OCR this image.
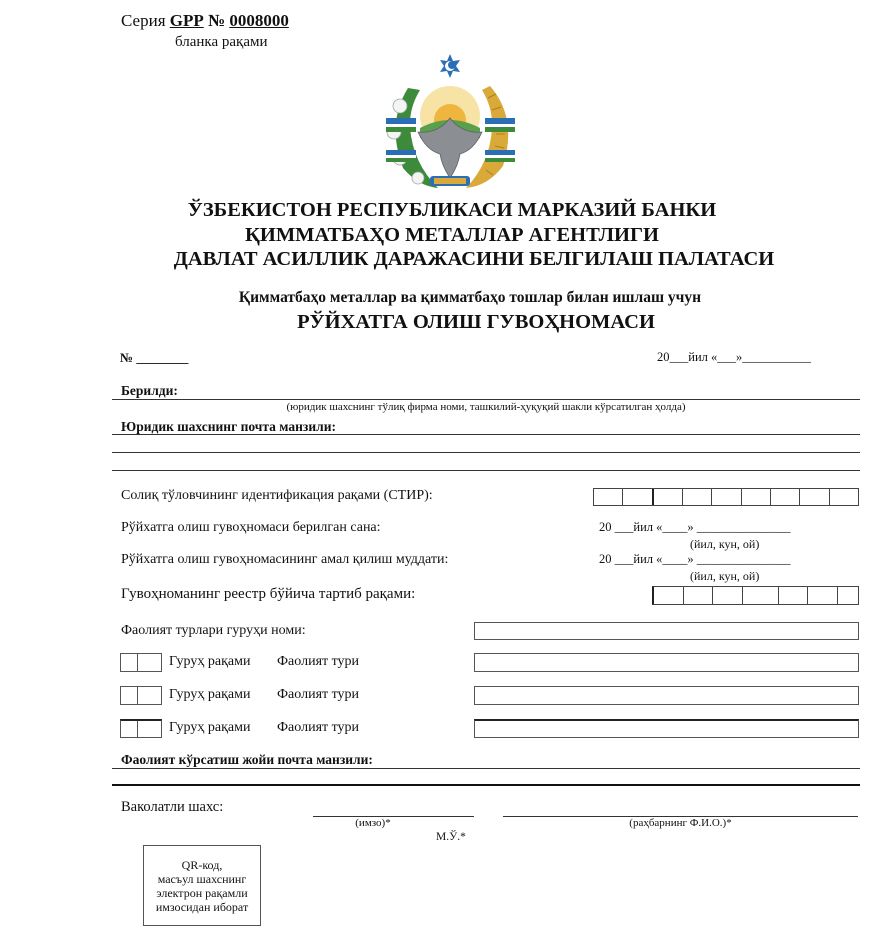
Серия GPP № 0008000
бланка рақами
ЎЗБЕКИСТОН РЕСПУБЛИКАСИ МАРКАЗИЙ БАНКИ
ҚИММАТБАҲО МЕТАЛЛАР АГЕНТЛИГИ
ДАВЛАТ АСИЛЛИК ДАРАЖАСИНИ БЕЛГИЛАШ ПАЛАТАСИ
Қимматбаҳо металлар ва қимматбаҳо тошлар билан ишлаш учун
РЎЙХАТГА ОЛИШ ГУВОҲНОМАСИ
№ ________	20___йил «___»___________
Берилди:
(юридик шахснинг тўлиқ фирма номи, ташкилий-ҳуқуқий шакли кўрсатилган ҳолда)
Юридик шахснинг почта манзили:
Солиқ тўловчининг идентификация рақами (СТИР):
Рўйхатга олиш гувоҳномаси берилган сана:	20 ___йил «____» _______________
(йил, кун, ой)
Рўйхатга олиш гувоҳномасининг амал қилиш муддати:	20 ___йил «____» _______________
(йил, кун, ой)
Гувоҳноманинг реестр бўйича тартиб рақами:
Фаолият турлари гуруҳи номи:
Гуруҳ рақами Фаолият тури
Гуруҳ рақами Фаолият тури
Гуруҳ рақами Фаолият тури
Фаолият кўрсатиш жойи почта манзили:
Ваколатли шахс:
(имзо)*	(раҳбарнинг Ф.И.О.)*
М.Ў.*
QR-код,
масъул шахснинг
электрон рақамли
имзосидан иборат
